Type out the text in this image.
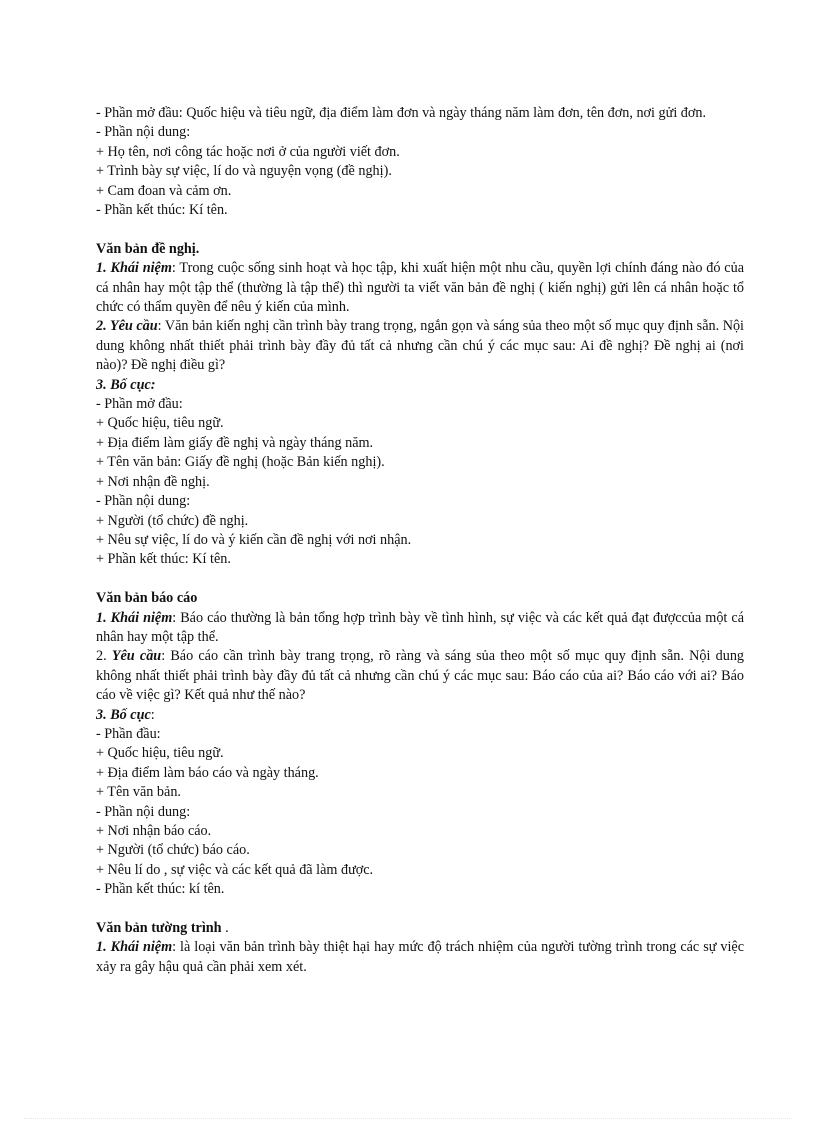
- Phần mở đầu: Quốc hiệu và tiêu ngữ, địa điểm làm đơn và ngày tháng năm làm đơn, tên đơn, nơi gửi đơn.

- Phần nội dung:

+ Họ tên, nơi công tác hoặc nơi ở của người viết đơn.

+ Trình bày sự việc, lí do và nguyện vọng (đề nghị).

+ Cam đoan và cảm ơn.

- Phần kết thúc: Kí tên.

Văn bản đề nghị.

1. Khái niệm: Trong cuộc sống sinh hoạt và học tập, khi xuất hiện một nhu cầu, quyền lợi chính đáng nào đó của cá nhân hay một tập thể (thường là tập thể) thì người ta viết văn bản đề nghị ( kiến nghị) gửi lên cá nhân hoặc tổ chức có thẩm quyền để nêu ý kiến của mình.

2. Yêu cầu: Văn bản kiến nghị cần trình bày trang trọng, ngắn gọn và sáng sủa theo một số mục quy định sẵn. Nội dung không nhất thiết phải trình bày đầy đủ tất cả nhưng cần chú ý các mục sau: Ai đề nghị? Đề nghị ai (nơi nào)? Đề nghị điều gì?

3. Bố cục:

- Phần mở đầu:

+ Quốc hiệu, tiêu ngữ.

+ Địa điểm làm giấy đề nghị và ngày tháng năm.

+ Tên văn bản: Giấy đề nghị (hoặc Bản kiến nghị).

+ Nơi nhận đề nghị.

- Phần nội dung:

+ Người (tổ chức) đề nghị.

+ Nêu sự việc, lí do và ý kiến cần đề nghị với nơi nhận.

+ Phần kết thúc: Kí tên.

Văn bản báo cáo

1. Khái niệm: Báo cáo thường là bản tổng hợp trình bày về tình hình, sự việc và các kết quả đạt đượccủa một cá nhân hay một tập thể.

2. Yêu cầu: Báo cáo cần trình bày trang trọng, rõ ràng và sáng sủa theo một số mục quy định sẵn. Nội dung không nhất thiết phải trình bày đầy đủ tất cả nhưng cần chú ý các mục sau: Báo cáo của ai? Báo cáo với ai? Báo cáo về việc gì? Kết quả như thế nào?

3. Bố cục:

- Phần đầu:

+ Quốc hiệu, tiêu ngữ.

+ Địa điểm làm báo cáo và ngày tháng.

+ Tên văn bản.

- Phần nội dung:

+ Nơi nhận báo cáo.

+ Người (tổ chức) báo cáo.

+ Nêu lí do , sự việc và các kết quả đã làm được.

- Phần kết thúc: kí tên.

Văn bản tường trình .

1. Khái niệm: là loại văn bản trình bày thiệt hại hay mức độ trách nhiệm của người tường trình trong các sự việc xảy ra gây hậu quả cần phải xem xét.
